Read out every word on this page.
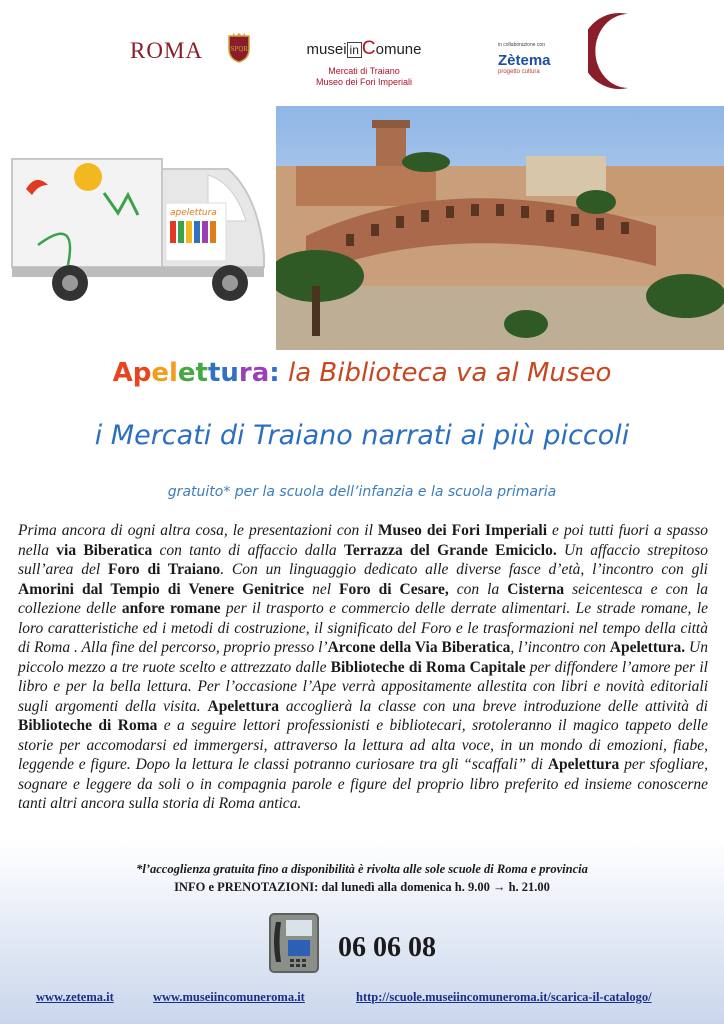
ROMA	SPQR	musei in Comune
Mercati di Traiano
Museo dei Fori Imperiali
in collaborazione con
Zètema
progetto cultura
apelettura
Apelettura: la Biblioteca va al Museo
i Mercati di Traiano narrati ai più piccoli
gratuito* per la scuola dell’infanzia e la scuola primaria
Prima ancora di ogni altra cosa, le presentazioni con il Museo dei Fori Imperiali e poi tutti fuori a spasso nella via Biberatica con tanto di affaccio dalla Terrazza del Grande Emiciclo. Un affaccio strepitoso sull’area del Foro di Traiano. Con un linguaggio dedicato alle diverse fasce d’età, l’incontro con gli Amorini dal Tempio di Venere Genitrice nel Foro di Cesare, con la Cisterna seicentesca e con la collezione delle anfore romane per il trasporto e commercio delle derrate alimentari. Le strade romane, le loro caratteristiche ed i metodi di costruzione, il significato del Foro e le trasformazioni nel tempo della città di Roma . Alla fine del percorso, proprio presso l’Arcone della Via Biberatica, l’incontro con Apelettura. Un piccolo mezzo a tre ruote scelto e attrezzato dalle Biblioteche di Roma Capitale per diffondere l’amore per il libro e per la bella lettura. Per l’occasione l’Ape verrà appositamente allestita con libri e novità editoriali sugli argomenti della visita. Apelettura accoglierà la classe con una breve introduzione delle attività di Biblioteche di Roma e a seguire lettori professionisti e bibliotecari, srotoleranno il magico tappeto delle storie per accomodarsi ed immergersi, attraverso la lettura ad alta voce, in un mondo di emozioni, fiabe, leggende e figure. Dopo la lettura le classi potranno curiosare tra gli “scaffali” di Apelettura per sfogliare, sognare e leggere da soli o in compagnia parole e figure del proprio libro preferito ed insieme conoscerne tanti altri ancora sulla storia di Roma antica.
*l’accoglienza gratuita fino a disponibilità è rivolta alle sole scuole di Roma e provincia
INFO e PRENOTAZIONI: dal lunedì alla domenica h. 9.00 → h. 21.00
06 06 08
www.zetema.it	www.museiincomuneroma.it	http://scuole.museiincomuneroma.it/scarica-il-catalogo/
